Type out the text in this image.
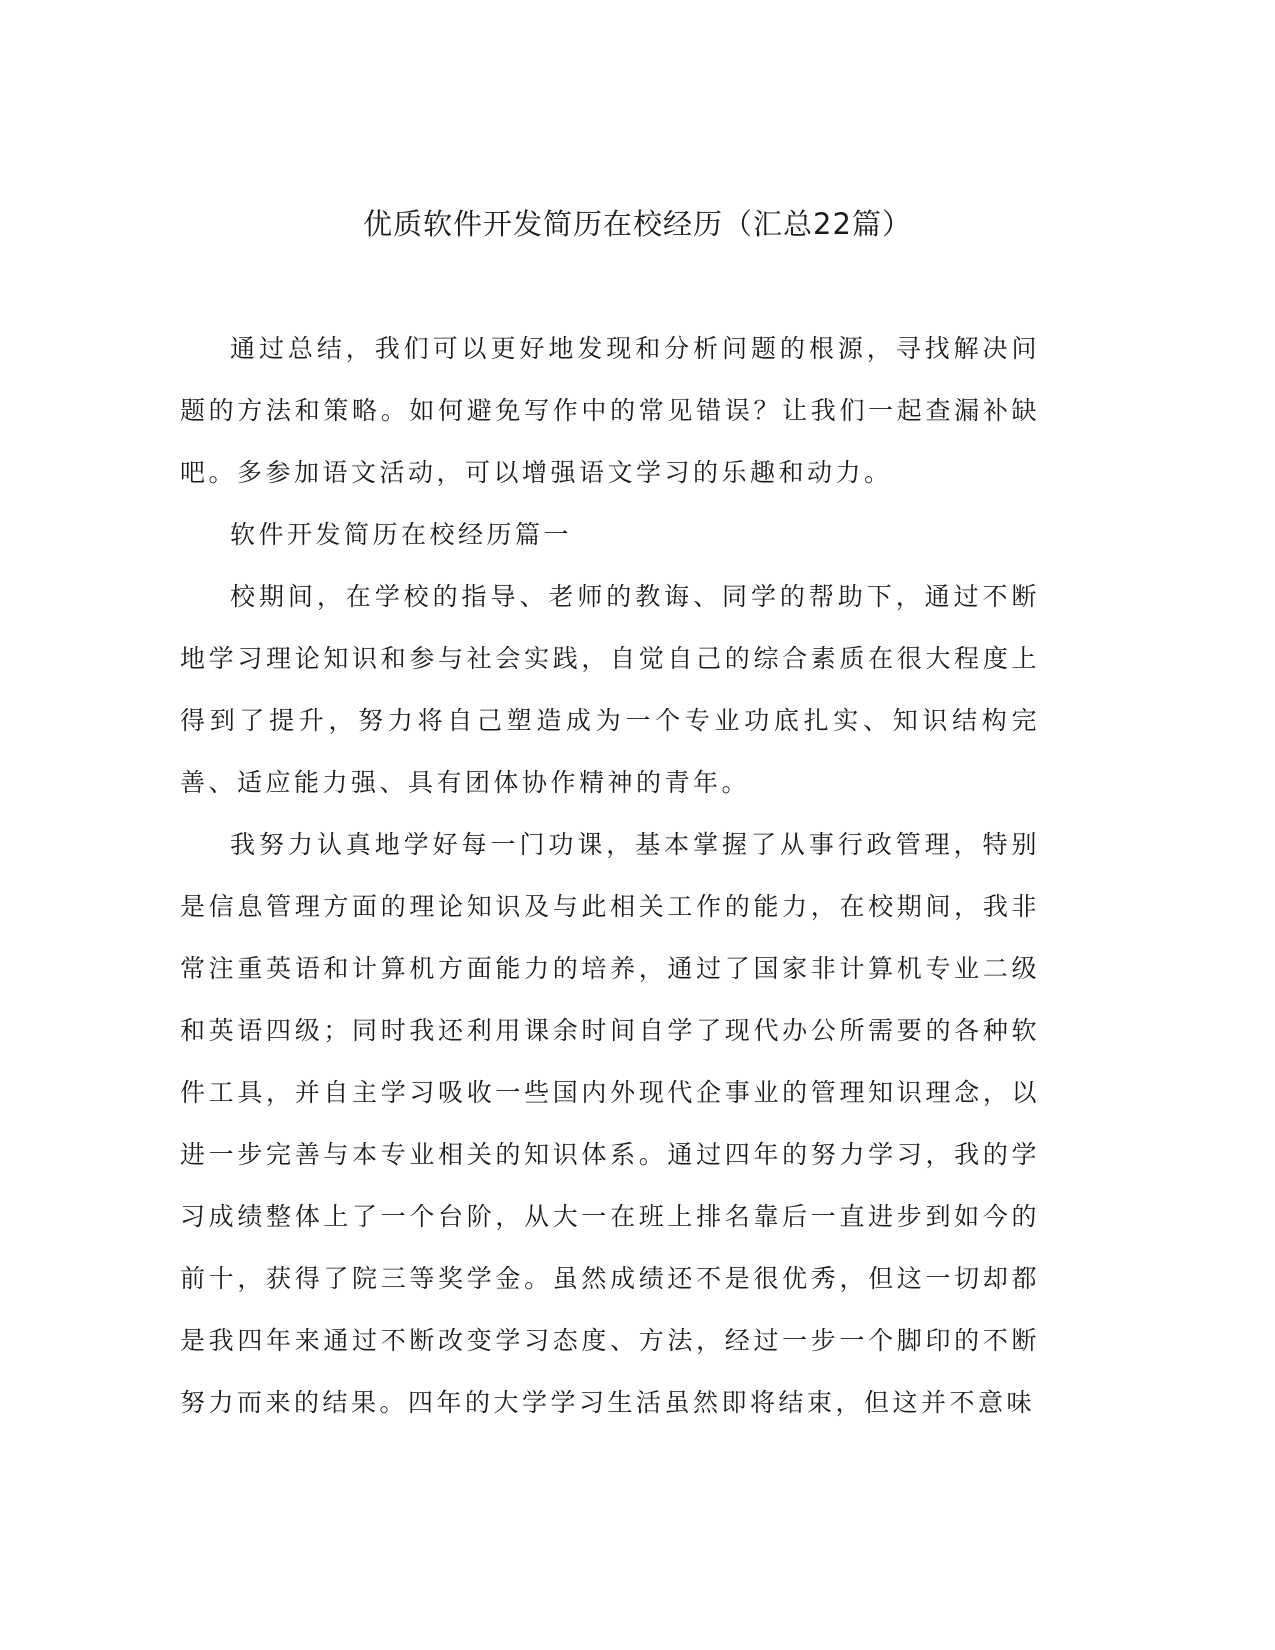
优质软件开发简历在校经历（汇总22篇）

通过总结，我们可以更好地发现和分析问题的根源，寻找解决问题的方法和策略。如何避免写作中的常见错误？让我们一起查漏补缺吧。多参加语文活动，可以增强语文学习的乐趣和动力。

软件开发简历在校经历篇一

校期间，在学校的指导、老师的教诲、同学的帮助下，通过不断地学习理论知识和参与社会实践，自觉自己的综合素质在很大程度上得到了提升，努力将自己塑造成为一个专业功底扎实、知识结构完善、适应能力强、具有团体协作精神的青年。

我努力认真地学好每一门功课，基本掌握了从事行政管理，特别是信息管理方面的理论知识及与此相关工作的能力，在校期间，我非常注重英语和计算机方面能力的培养，通过了国家非计算机专业二级和英语四级；同时我还利用课余时间自学了现代办公所需要的各种软件工具，并自主学习吸收一些国内外现代企事业的管理知识理念，以进一步完善与本专业相关的知识体系。通过四年的努力学习，我的学习成绩整体上了一个台阶，从大一在班上排名靠后一直进步到如今的前十，获得了院三等奖学金。虽然成绩还不是很优秀，但这一切却都是我四年来通过不断改变学习态度、方法，经过一步一个脚印的不断努力而来的结果。四年的大学学习生活虽然即将结束，但这并不意味
